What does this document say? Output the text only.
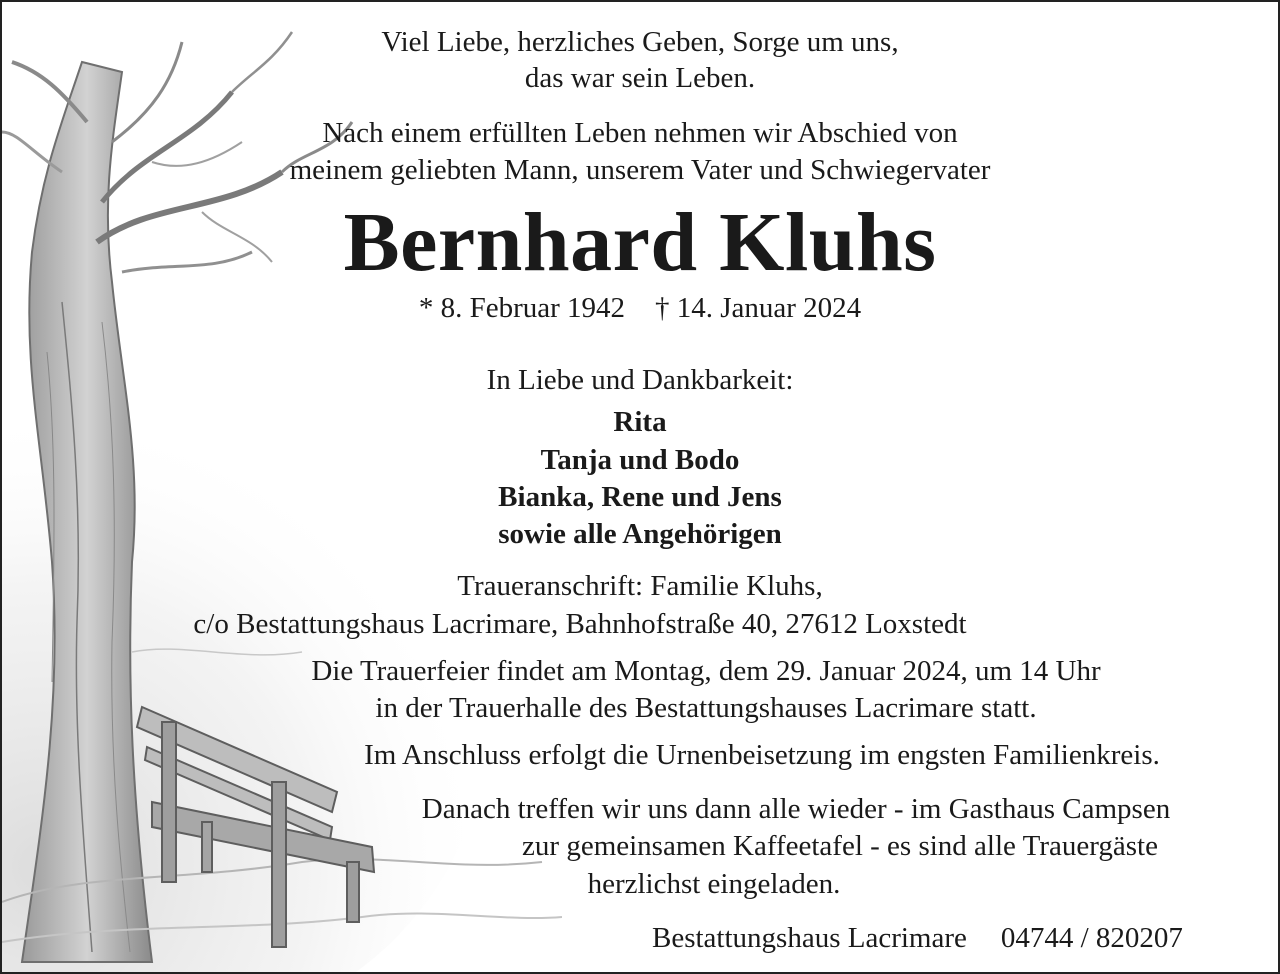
Viel Liebe, herzliches Geben, Sorge um uns,
das war sein Leben.
Nach einem erfüllten Leben nehmen wir Abschied von
meinem geliebten Mann, unserem Vater und Schwiegervater
Bernhard Kluhs
* 8. Februar 1942 † 14. Januar 2024
In Liebe und Dankbarkeit:
Rita
Tanja und Bodo
Bianka, Rene und Jens
sowie alle Angehörigen
Traueranschrift: Familie Kluhs,
c/o Bestattungshaus Lacrimare, Bahnhofstraße 40, 27612 Loxstedt
Die Trauerfeier findet am Montag, dem 29. Januar 2024, um 14 Uhr
in der Trauerhalle des Bestattungshauses Lacrimare statt.
Im Anschluss erfolgt die Urnenbeisetzung im engsten Familienkreis.
Danach treffen wir uns dann alle wieder - im Gasthaus Campsen
zur gemeinsamen Kaffeetafel - es sind alle Trauergäste
herzlichst eingeladen.
Bestattungshaus Lacrimare 04744 / 820207
